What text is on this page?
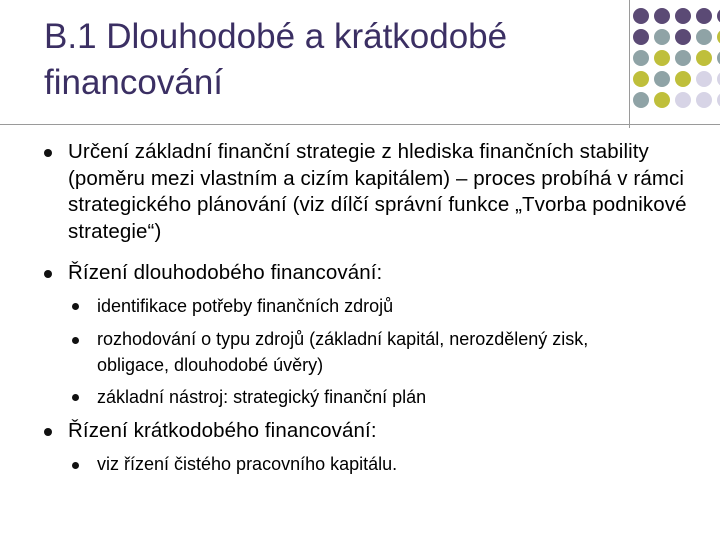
B.1 Dlouhodobé a krátkodobé financování
Určení základní finanční strategie z hlediska finančních stability (poměru mezi vlastním a cizím kapitálem) – proces probíhá v rámci strategického plánování (viz dílčí správní funkce „Tvorba podnikové strategie“)
Řízení dlouhodobého financování:
identifikace potřeby finančních zdrojů
rozhodování o typu zdrojů (základní kapitál, nerozdělený zisk, obligace, dlouhodobé úvěry)
základní nástroj: strategický finanční plán
Řízení krátkodobého financování:
viz řízení čistého pracovního kapitálu.
